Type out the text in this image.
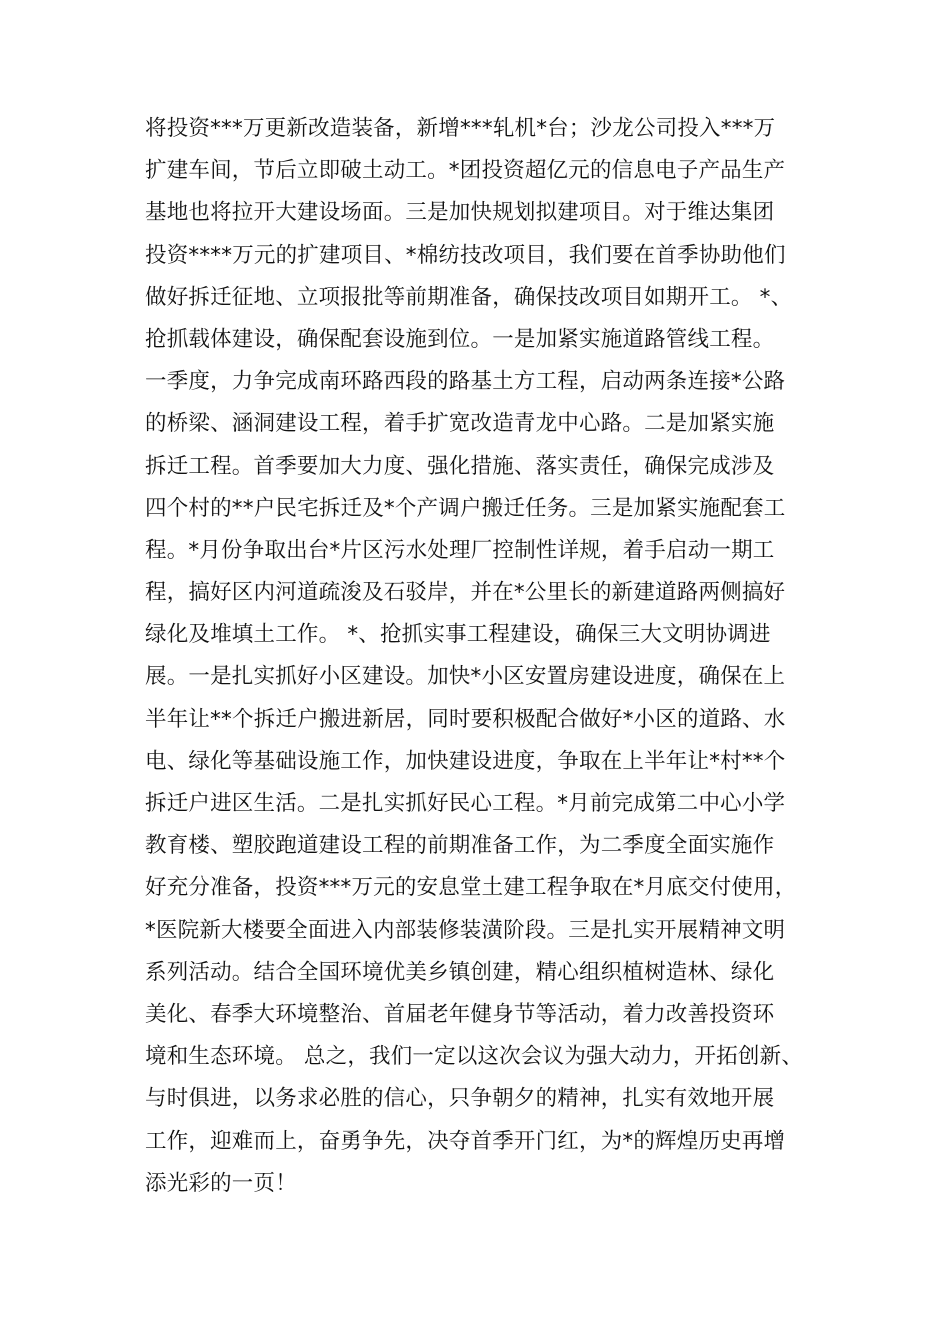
将投资***万更新改造装备，新增***轧机*台；沙龙公司投入***万
扩建车间，节后立即破土动工。*团投资超亿元的信息电子产品生产
基地也将拉开大建设场面。三是加快规划拟建项目。对于维达集团
投资****万元的扩建项目、*棉纺技改项目，我们要在首季协助他们
做好拆迁征地、立项报批等前期准备，确保技改项目如期开工。 *、
抢抓载体建设，确保配套设施到位。一是加紧实施道路管线工程。
一季度，力争完成南环路西段的路基土方工程，启动两条连接*公路
的桥梁、涵洞建设工程，着手扩宽改造青龙中心路。二是加紧实施
拆迁工程。首季要加大力度、强化措施、落实责任，确保完成涉及
四个村的**户民宅拆迁及*个产调户搬迁任务。三是加紧实施配套工
程。*月份争取出台*片区污水处理厂控制性详规，着手启动一期工
程，搞好区内河道疏浚及石驳岸，并在*公里长的新建道路两侧搞好
绿化及堆填土工作。 *、抢抓实事工程建设，确保三大文明协调进
展。一是扎实抓好小区建设。加快*小区安置房建设进度，确保在上
半年让**个拆迁户搬进新居，同时要积极配合做好*小区的道路、水
电、绿化等基础设施工作，加快建设进度，争取在上半年让*村**个
拆迁户进区生活。二是扎实抓好民心工程。*月前完成第二中心小学
教育楼、塑胶跑道建设工程的前期准备工作，为二季度全面实施作
好充分准备，投资***万元的安息堂土建工程争取在*月底交付使用，
*医院新大楼要全面进入内部装修装潢阶段。三是扎实开展精神文明
系列活动。结合全国环境优美乡镇创建，精心组织植树造林、绿化
美化、春季大环境整治、首届老年健身节等活动，着力改善投资环
境和生态环境。 总之，我们一定以这次会议为强大动力，开拓创新、
与时俱进，以务求必胜的信心，只争朝夕的精神，扎实有效地开展
工作，迎难而上，奋勇争先，决夺首季开门红，为*的辉煌历史再增
添光彩的一页！
